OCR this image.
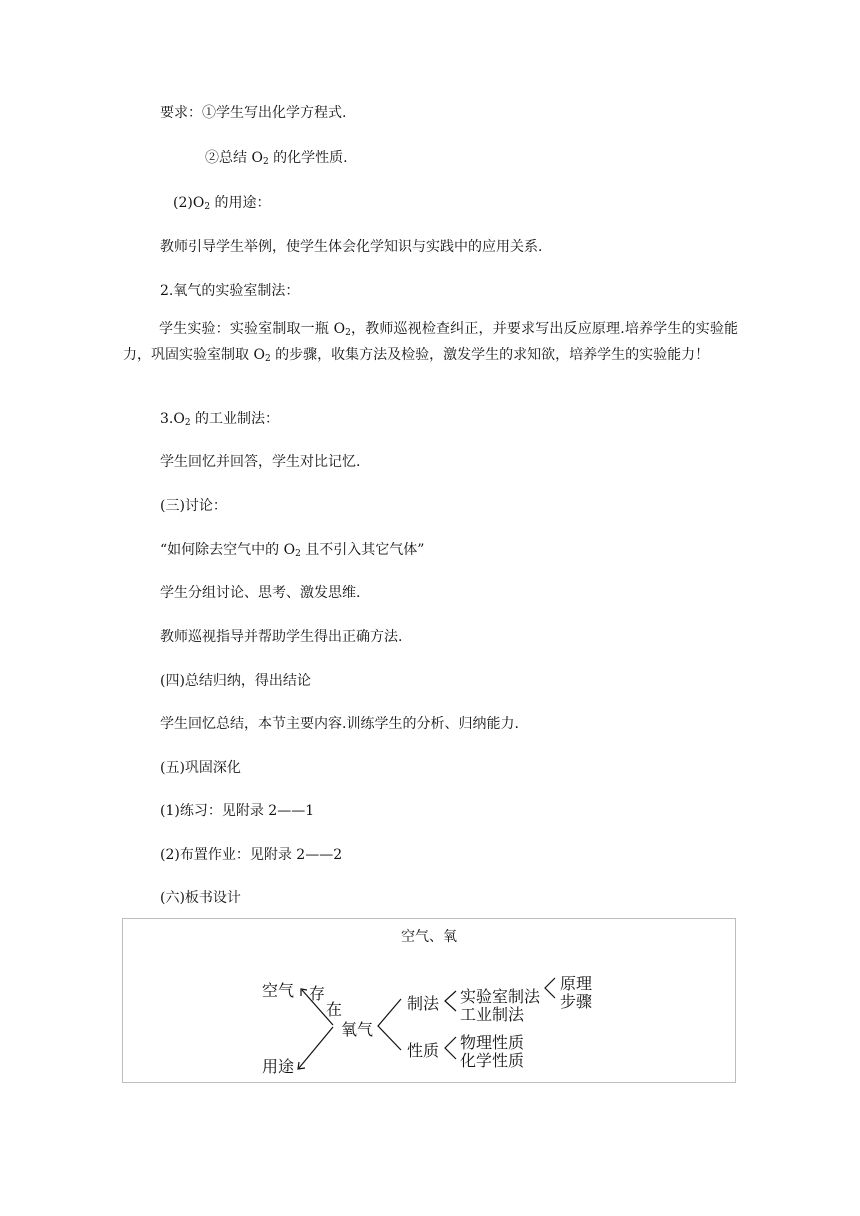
要求：①学生写出化学方程式.
②总结 $O_2$ 的化学性质.
$(2)O_2$ 的用途：
教师引导学生举例，使学生体会化学知识与实践中的应用关系.
2.氧气的实验室制法：
学生实验：实验室制取一瓶 $O_2$，教师巡视检查纠正，并要求写出反应原理.培养学生的实验能力，巩固实验室制取 $O_2$ 的步骤，收集方法及检验，激发学生的求知欲，培养学生的实验能力！
$3.O_2$ 的工业制法：
学生回忆并回答，学生对比记忆.
(三)讨论：
“如何除去空气中的 $O_2$ 且不引入其它气体”
学生分组讨论、思考、激发思维.
教师巡视指导并帮助学生得出正确方法.
(四)总结归纳，得出结论
学生回忆总结，本节主要内容.训练学生的分析、归纳能力.
(五)巩固深化
(1)练习：见附录 2——1
(2)布置作业：见附录 2——2
(六)板书设计
空气、氧
空气 存
在
用途
氧气
制法
性质
实验室制法
工业制法
原理
步骤
物理性质
化学性质
